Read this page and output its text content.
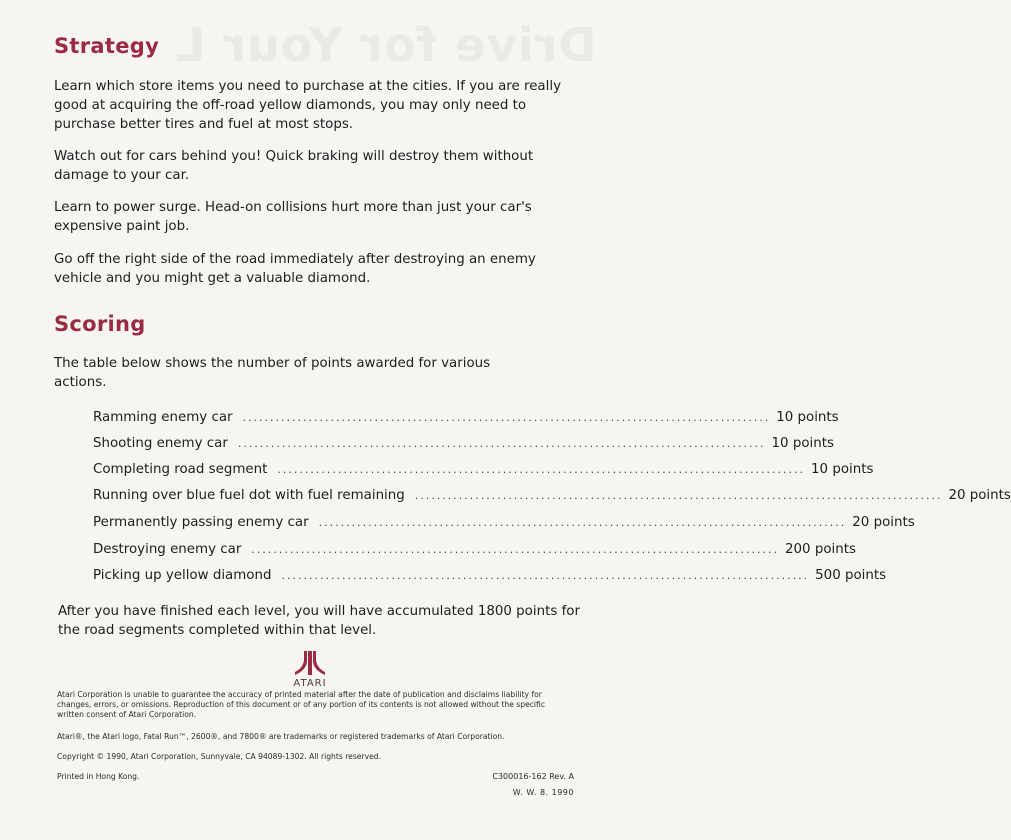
Drive for Your L
Strategy
Learn which store items you need to purchase at the cities. If you are really good at acquiring the off-road yellow diamonds, you may only need to purchase better tires and fuel at most stops.
Watch out for cars behind you! Quick braking will destroy them without damage to your car.
Learn to power surge. Head-on collisions hurt more than just your car's expensive paint job.
Go off the right side of the road immediately after destroying an enemy vehicle and you might get a valuable diamond.
Scoring
The table below shows the number of points awarded for various actions.
Ramming enemy car ................................................................................................ 10 points
Shooting enemy car ................................................................................................ 10 points
Completing road segment ................................................................................................ 10 points
Running over blue fuel dot with fuel remaining ................................................................................................ 20 points
Permanently passing enemy car ................................................................................................ 20 points
Destroying enemy car ................................................................................................ 200 points
Picking up yellow diamond ................................................................................................ 500 points
After you have finished each level, you will have accumulated 1800 points for the road segments completed within that level.
ATARI
Atari Corporation is unable to guarantee the accuracy of printed material after the date of publication and disclaims liability for changes, errors, or omissions. Reproduction of this document or of any portion of its contents is not allowed without the specific written consent of Atari Corporation.
Atari®, the Atari logo, Fatal Run™, 2600®, and 7800® are trademarks or registered trademarks of Atari Corporation.
Copyright © 1990, Atari Corporation, Sunnyvale, CA 94089-1302. All rights reserved.
Printed in Hong Kong.	C300016-162 Rev. A
W. W. 8. 1990
